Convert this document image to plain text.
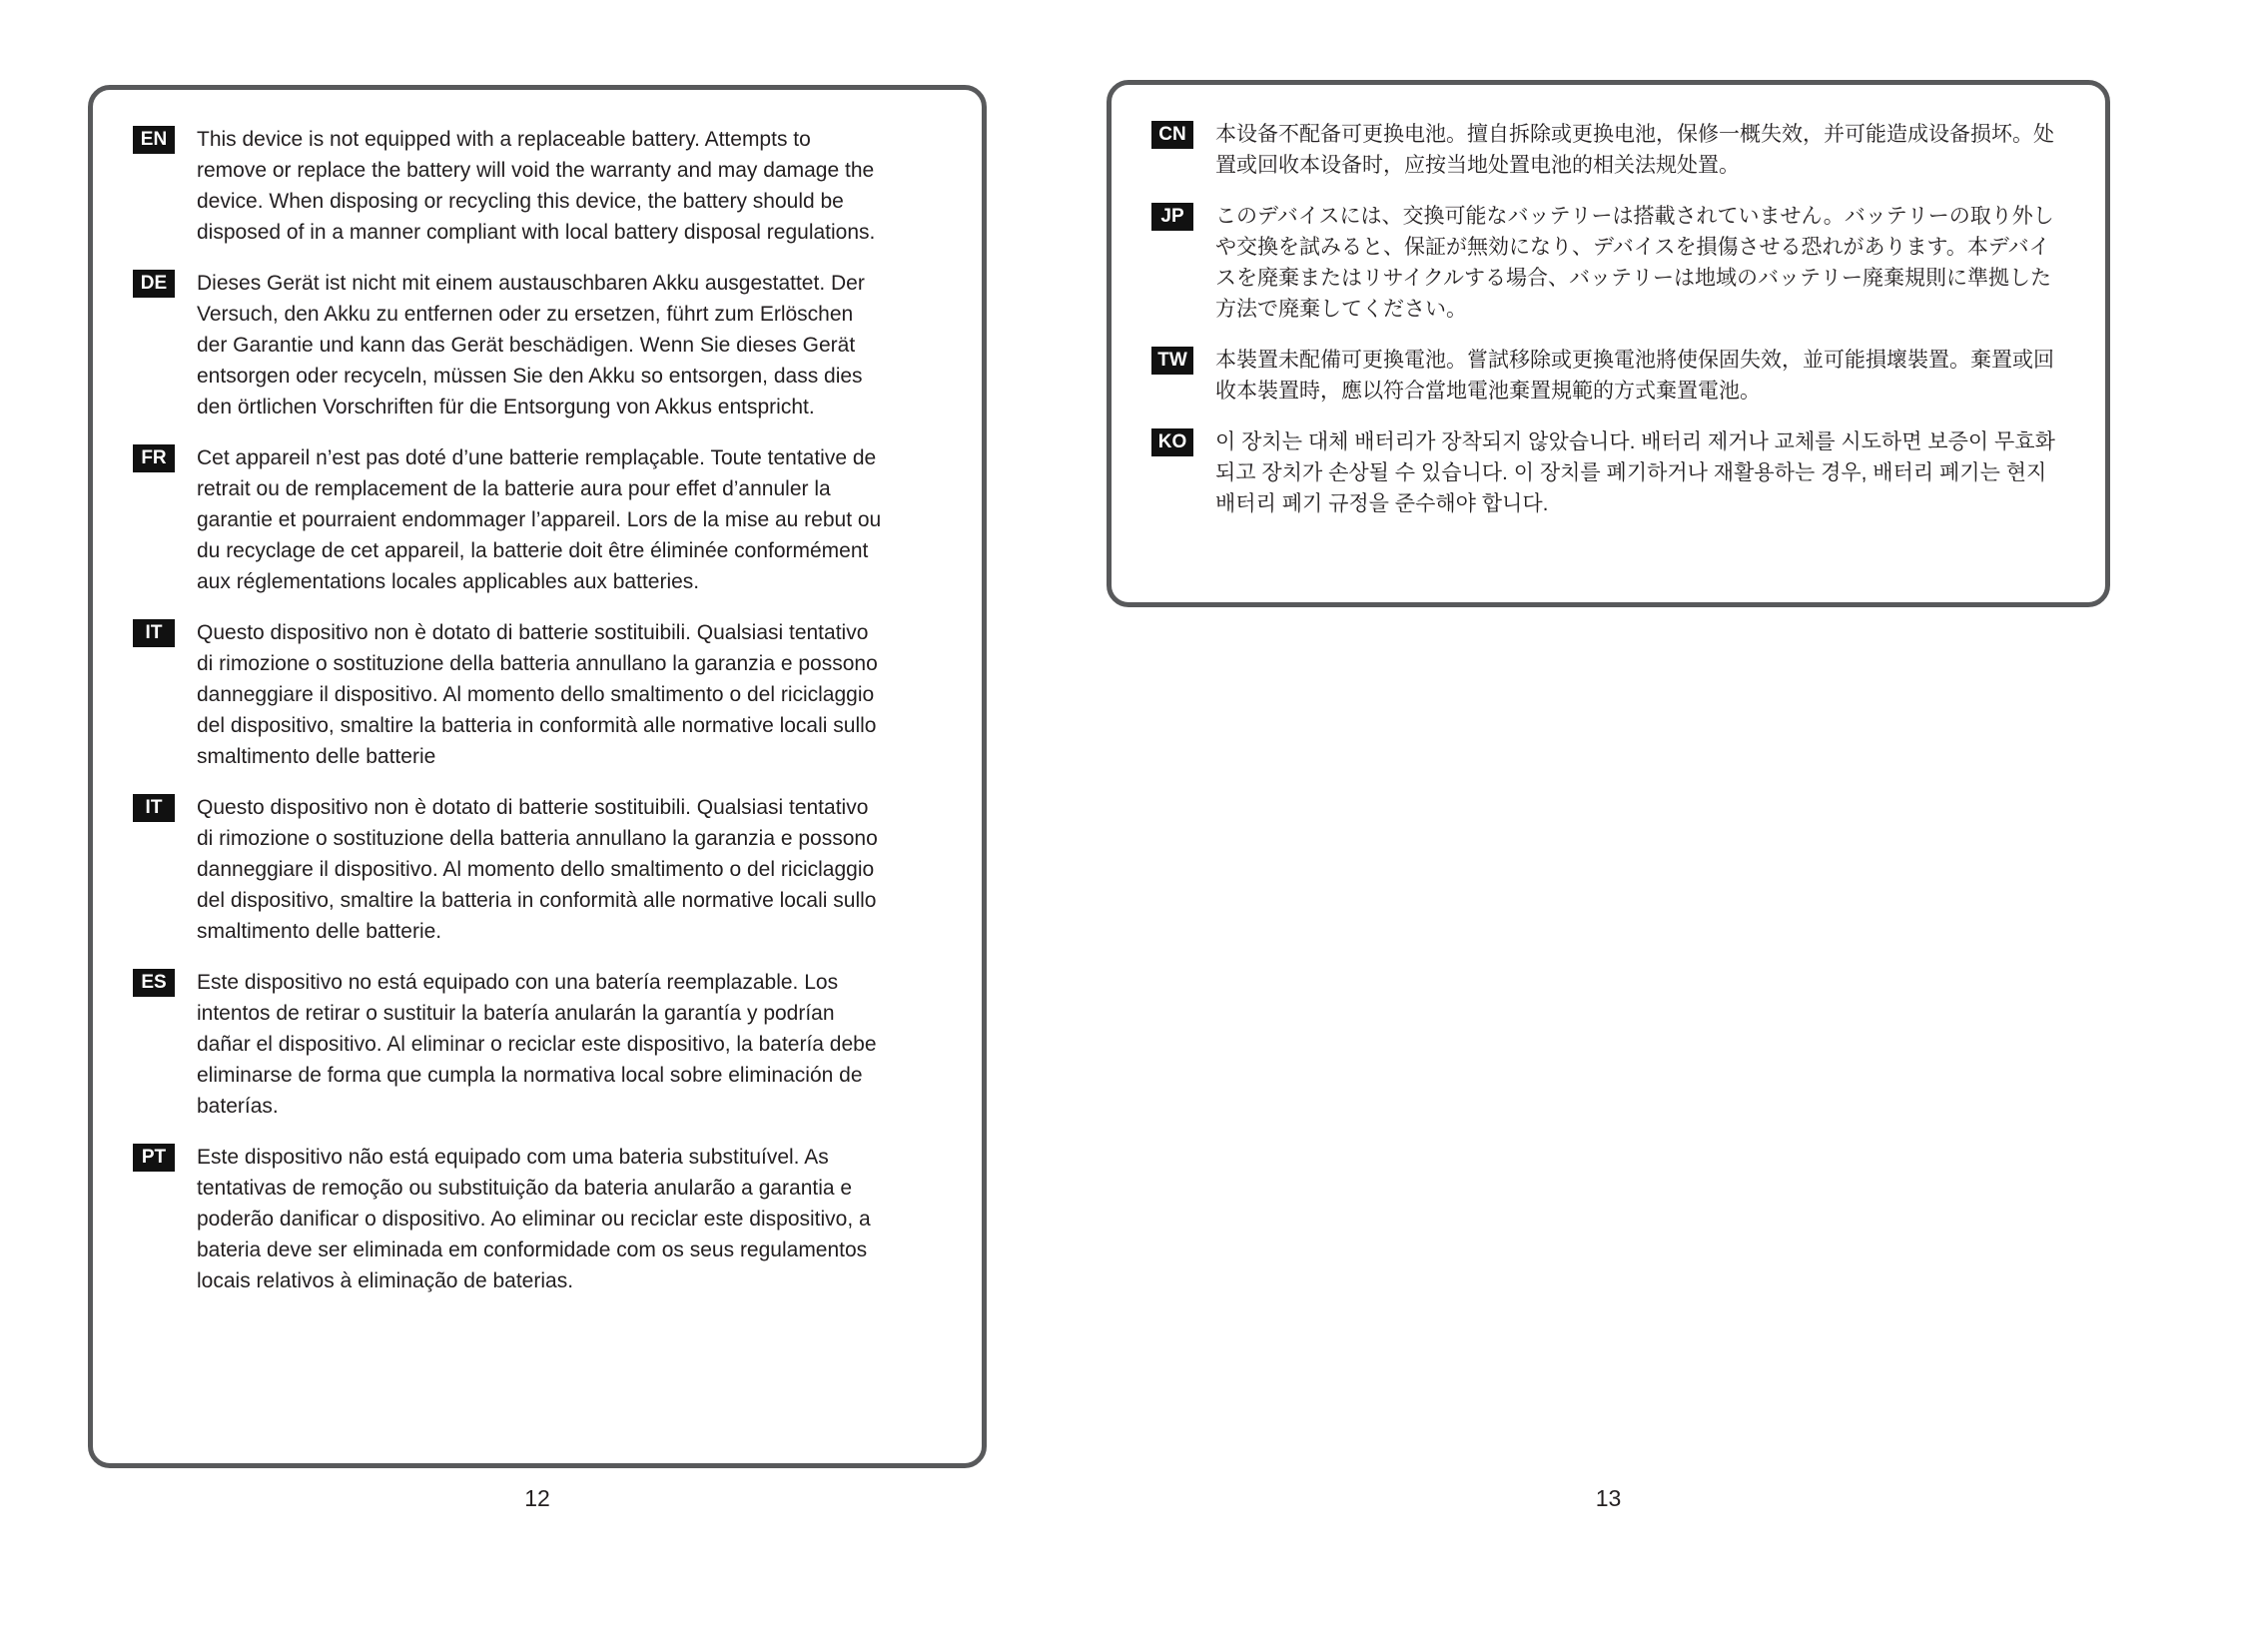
EN	This device is not equipped with a replaceable battery. Attempts to remove or replace the battery will void the warranty and may damage the device. When disposing or recycling this device, the battery should be disposed of in a manner compliant with local battery disposal regulations.
DE	Dieses Gerät ist nicht mit einem austauschbaren Akku ausgestattet. Der Versuch, den Akku zu entfernen oder zu ersetzen, führt zum Erlöschen der Garantie und kann das Gerät beschädigen. Wenn Sie dieses Gerät entsorgen oder recyceln, müssen Sie den Akku so entsorgen, dass dies den örtlichen Vorschriften für die Entsorgung von Akkus entspricht.
FR	Cet appareil n’est pas doté d’une batterie remplaçable. Toute tentative de retrait ou de remplacement de la batterie aura pour effet d’annuler la garantie et pourraient endommager l’appareil. Lors de la mise au rebut ou du recyclage de cet appareil, la batterie doit être éliminée conformément aux réglementations locales applicables aux batteries.
IT	Questo dispositivo non è dotato di batterie sostituibili. Qualsiasi tentativo di rimozione o sostituzione della batteria annullano la garanzia e possono danneggiare il dispositivo. Al momento dello smaltimento o del riciclaggio del dispositivo, smaltire la batteria in conformità alle normative locali sullo smaltimento delle batterie
IT	Questo dispositivo non è dotato di batterie sostituibili. Qualsiasi tentativo di rimozione o sostituzione della batteria annullano la garanzia e possono danneggiare il dispositivo. Al momento dello smaltimento o del riciclaggio del dispositivo, smaltire la batteria in conformità alle normative locali sullo smaltimento delle batterie.
ES	Este dispositivo no está equipado con una batería reemplazable. Los intentos de retirar o sustituir la batería anularán la garantía y podrían dañar el dispositivo. Al eliminar o reciclar este dispositivo, la batería debe eliminarse de forma que cumpla la normativa local sobre eliminación de baterías.
PT	Este dispositivo não está equipado com uma bateria substituível. As tentativas de remoção ou substituição da bateria anularão a garantia e poderão danificar o dispositivo. Ao eliminar ou reciclar este dispositivo, a bateria deve ser eliminada em conformidade com os seus regulamentos locais relativos à eliminação de baterias.
CN	本设备不配备可更换电池。擅自拆除或更换电池，保修一概失效，并可能造成设备损坏。处置或回收本设备时，应按当地处置电池的相关法规处置。
JP	このデバイスには、交換可能なバッテリーは搭載されていません。バッテリーの取り外しや交換を試みると、保証が無効になり、デバイスを損傷させる恐れがあります。本デバイスを廃棄またはリサイクルする場合、バッテリーは地域のバッテリー廃棄規則に準拠した方法で廃棄してください。
TW 本裝置未配備可更換電池。嘗試移除或更換電池將使保固失效，並可能損壞裝置。棄置或回收本裝置時，應以符合當地電池棄置規範的方式棄置電池。
KO	이 장치는 대체 배터리가 장착되지 않았습니다. 배터리 제거나 교체를 시도하면 보증이 무효화되고 장치가 손상될 수 있습니다. 이 장치를 폐기하거나 재활용하는 경우, 배터리 폐기는 현지 배터리 폐기 규정을 준수해야 합니다.
12	13
